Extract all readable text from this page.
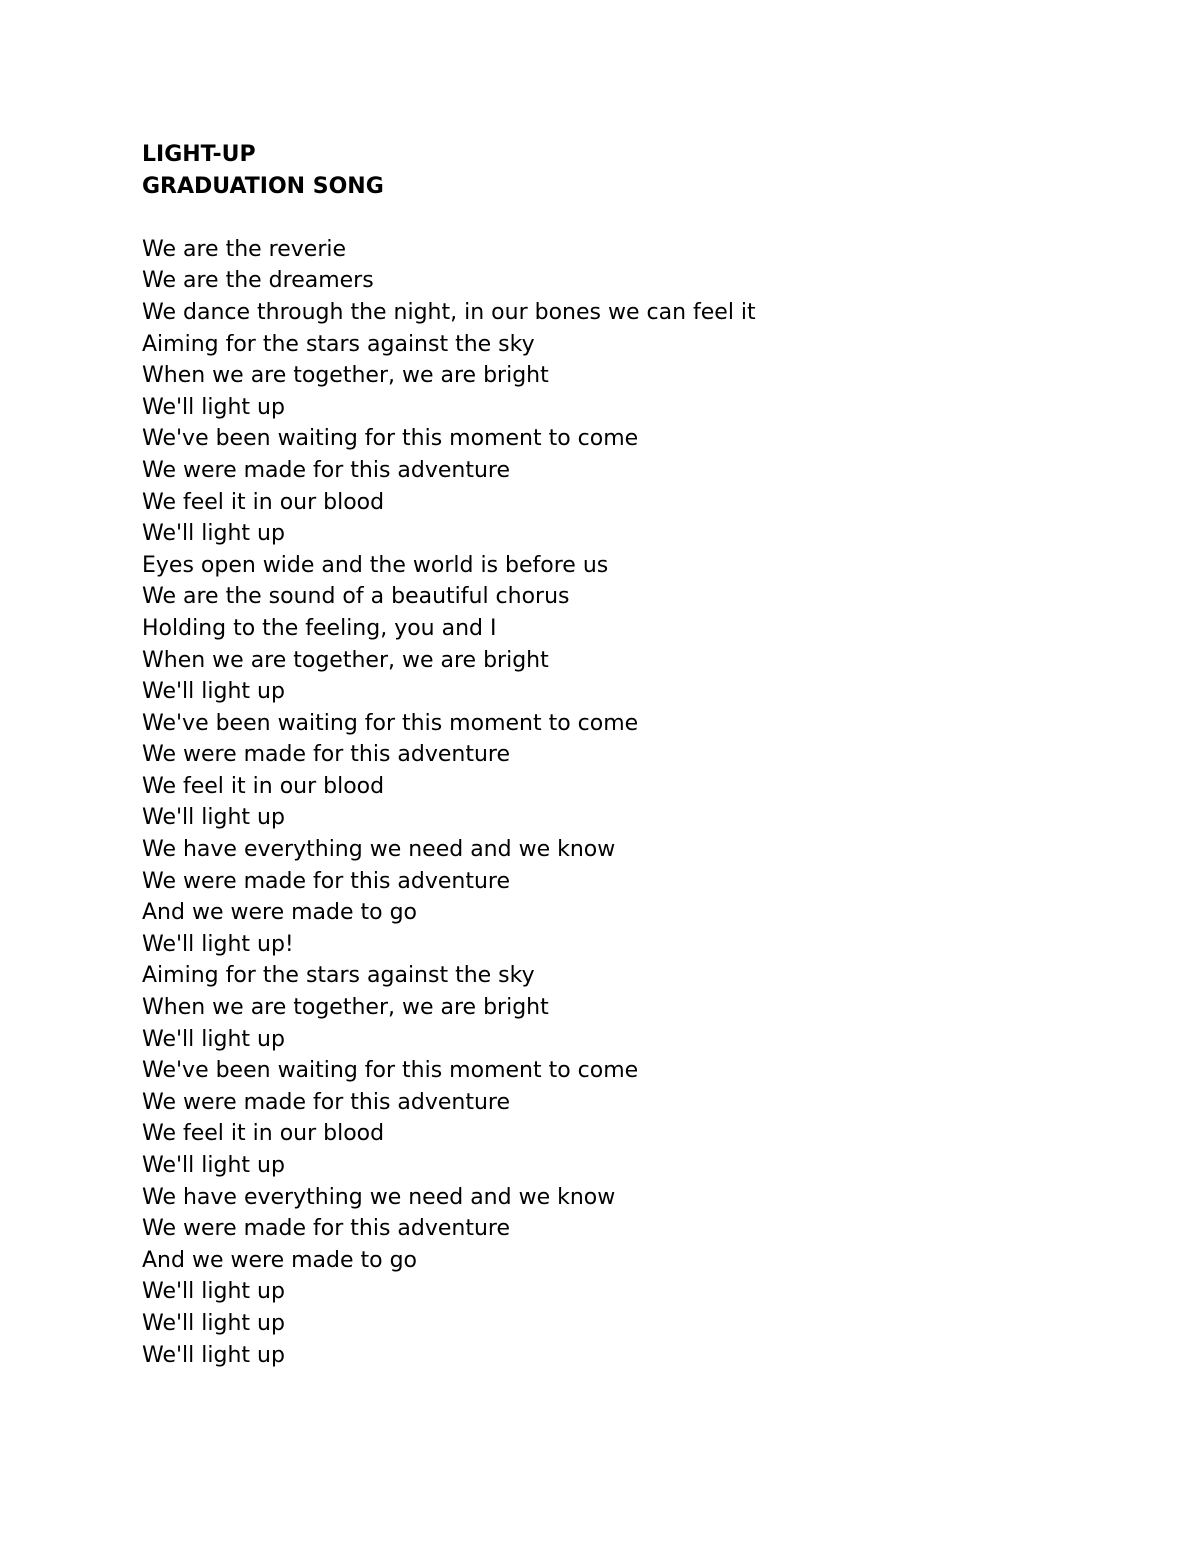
LIGHT-UP
GRADUATION SONG
We are the reverie
We are the dreamers
We dance through the night, in our bones we can feel it
Aiming for the stars against the sky
When we are together, we are bright
We'll light up
We've been waiting for this moment to come
We were made for this adventure
We feel it in our blood
We'll light up
Eyes open wide and the world is before us
We are the sound of a beautiful chorus
Holding to the feeling, you and I
When we are together, we are bright
We'll light up
We've been waiting for this moment to come
We were made for this adventure
We feel it in our blood
We'll light up
We have everything we need and we know
We were made for this adventure
And we were made to go
We'll light up!
Aiming for the stars against the sky
When we are together, we are bright
We'll light up
We've been waiting for this moment to come
We were made for this adventure
We feel it in our blood
We'll light up
We have everything we need and we know
We were made for this adventure
And we were made to go
We'll light up
We'll light up
We'll light up
